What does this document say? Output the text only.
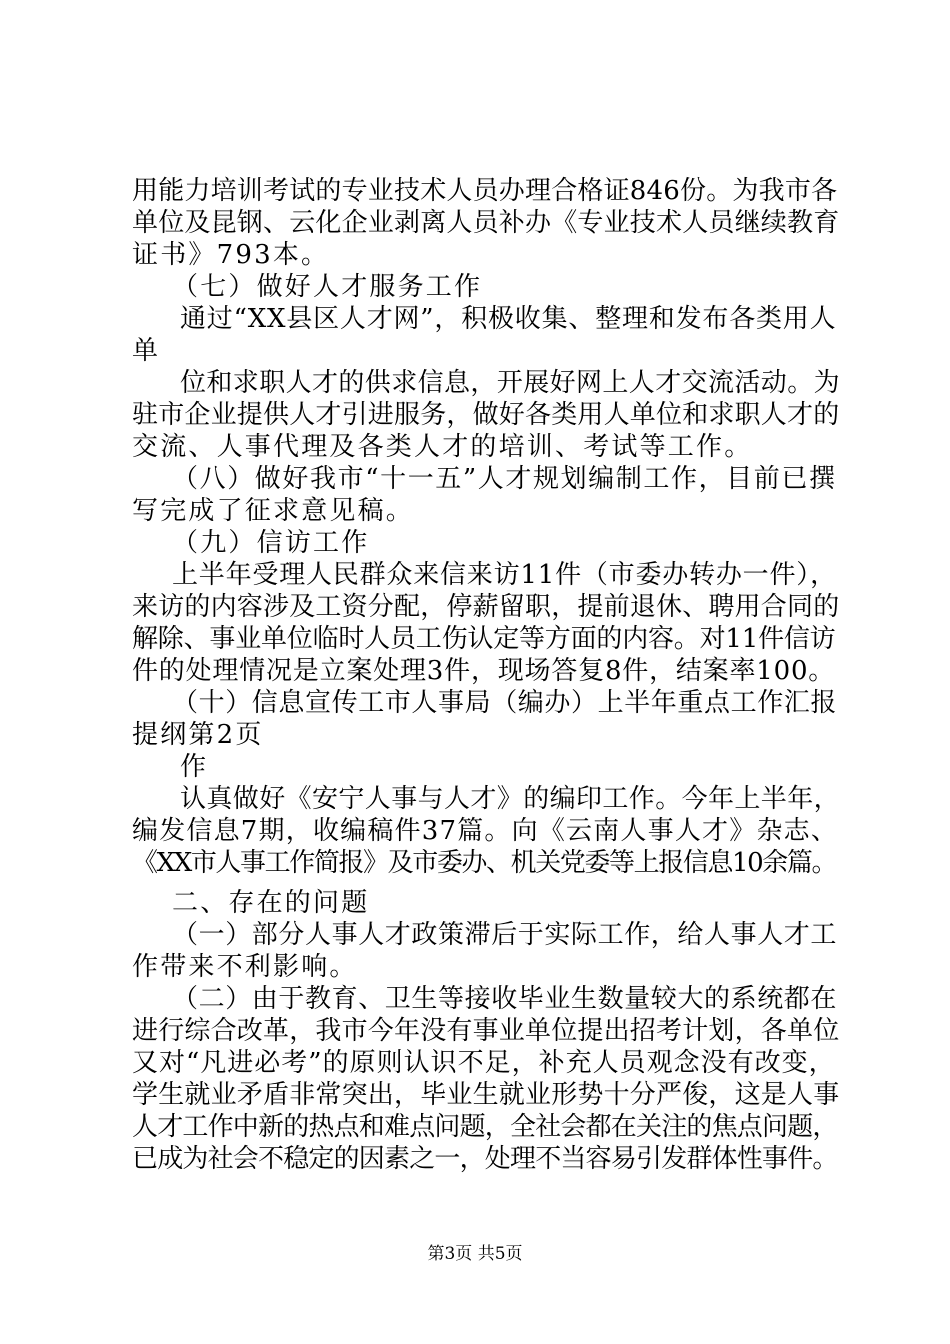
用能力培训考试的专业技术人员办理合格证846份。为我市各
单位及昆钢、云化企业剥离人员补办《专业技术人员继续教育
证书》793本。
（七）做好人才服务工作
通过“XX县区人才网”，积极收集、整理和发布各类用人
单
位和求职人才的供求信息，开展好网上人才交流活动。为
驻市企业提供人才引进服务，做好各类用人单位和求职人才的
交流、人事代理及各类人才的培训、考试等工作。
（八）做好我市“十一五”人才规划编制工作，目前已撰
写完成了征求意见稿。
（九）信访工作
上半年受理人民群众来信来访11件（市委办转办一件），
来访的内容涉及工资分配，停薪留职，提前退休、聘用合同的
解除、事业单位临时人员工伤认定等方面的内容。对11件信访
件的处理情况是立案处理3件，现场答复8件，结案率100。
（十）信息宣传工市人事局（编办）上半年重点工作汇报
提纲第2页
作
认真做好《安宁人事与人才》的编印工作。今年上半年，
编发信息7期，收编稿件37篇。向《云南人事人才》杂志、
《XX市人事工作简报》及市委办、机关党委等上报信息10余篇。
二、存在的问题
（一）部分人事人才政策滞后于实际工作，给人事人才工
作带来不利影响。
（二）由于教育、卫生等接收毕业生数量较大的系统都在
进行综合改革，我市今年没有事业单位提出招考计划，各单位
又对“凡进必考”的原则认识不足，补充人员观念没有改变，
学生就业矛盾非常突出，毕业生就业形势十分严俊，这是人事
人才工作中新的热点和难点问题，全社会都在关注的焦点问题，
已成为社会不稳定的因素之一，处理不当容易引发群体性事件。
第3页 共5页
